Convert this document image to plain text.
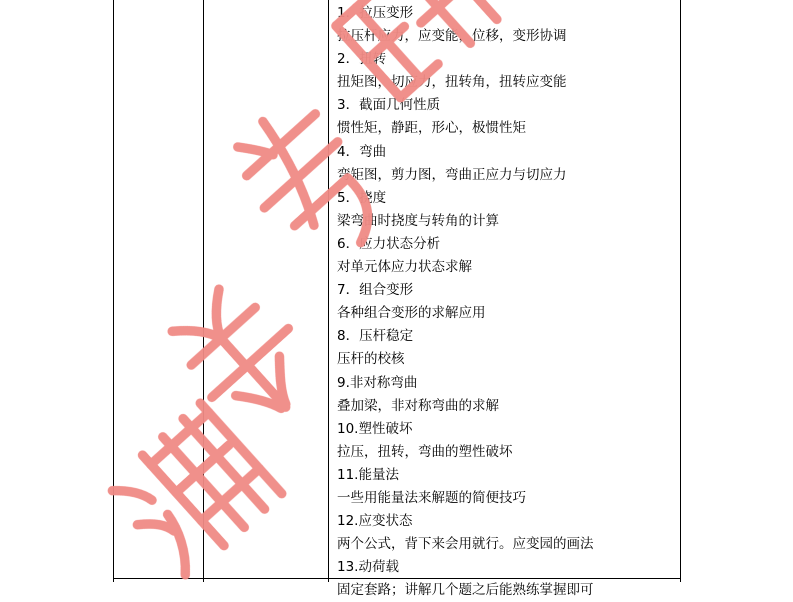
1．拉压变形
拉压杆应力，应变能，位移，变形协调
2．扭转
扭矩图，切应力，扭转角，扭转应变能
3．截面几何性质
惯性矩，静距，形心，极惯性矩
4．弯曲
弯矩图，剪力图，弯曲正应力与切应力
5．挠度
梁弯曲时挠度与转角的计算
6．应力状态分析
对单元体应力状态求解
7．组合变形
各种组合变形的求解应用
8．压杆稳定
压杆的校核
9.非对称弯曲
叠加梁，非对称弯曲的求解
10.塑性破坏
拉压，扭转，弯曲的塑性破坏
11.能量法
一些用能量法来解题的简便技巧
12.应变状态
两个公式，背下来会用就行。应变园的画法
13.动荷载
固定套路；讲解几个题之后能熟练掌握即可
